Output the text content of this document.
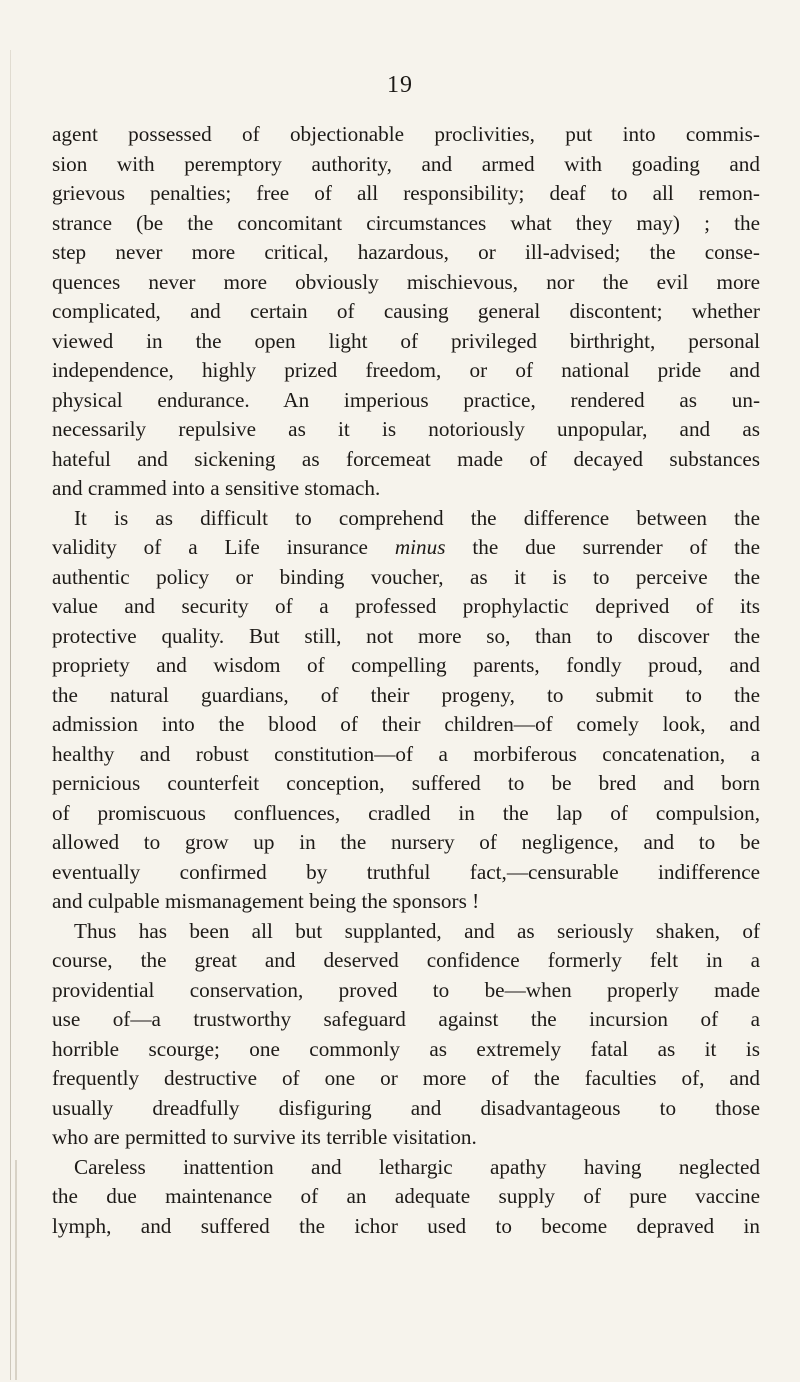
19
agent possessed of objectionable proclivities, put into commis-
sion with peremptory authority, and armed with goading and
grievous penalties; free of all responsibility; deaf to all remon-
strance (be the concomitant circumstances what they may) ; the
step never more critical, hazardous, or ill-advised; the conse-
quences never more obviously mischievous, nor the evil more
complicated, and certain of causing general discontent; whether
viewed in the open light of privileged birthright, personal
independence, highly prized freedom, or of national pride and
physical endurance. An imperious practice, rendered as un-
necessarily repulsive as it is notoriously unpopular, and as
hateful and sickening as forcemeat made of decayed substances
and crammed into a sensitive stomach.
It is as difficult to comprehend the difference between the
validity of a Life insurance minus the due surrender of the
authentic policy or binding voucher, as it is to perceive the
value and security of a professed prophylactic deprived of its
protective quality. But still, not more so, than to discover the
propriety and wisdom of compelling parents, fondly proud, and
the natural guardians, of their progeny, to submit to the
admission into the blood of their children—of comely look, and
healthy and robust constitution—of a morbiferous concatenation, a
pernicious counterfeit conception, suffered to be bred and born
of promiscuous confluences, cradled in the lap of compulsion,
allowed to grow up in the nursery of negligence, and to be
eventually confirmed by truthful fact,—censurable indifference
and culpable mismanagement being the sponsors !
Thus has been all but supplanted, and as seriously shaken, of
course, the great and deserved confidence formerly felt in a
providential conservation, proved to be—when properly made
use of—a trustworthy safeguard against the incursion of a
horrible scourge; one commonly as extremely fatal as it is
frequently destructive of one or more of the faculties of, and
usually dreadfully disfiguring and disadvantageous to those
who are permitted to survive its terrible visitation.
Careless inattention and lethargic apathy having neglected
the due maintenance of an adequate supply of pure vaccine
lymph, and suffered the ichor used to become depraved in
